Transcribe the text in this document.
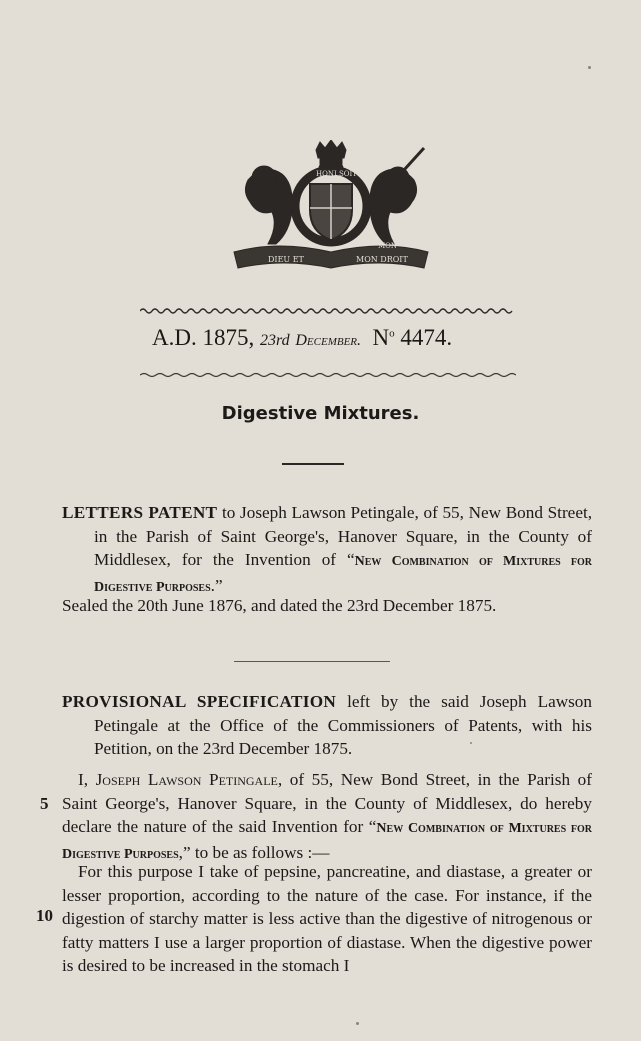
DIEU ET	MON DROIT
HONI SOIT
MON
A.D. 1875, 23rd December. $N^o$ 4474.
Digestive Mixtures.
LETTERS PATENT to Joseph Lawson Petingale, of 55, New Bond Street, in the Parish of Saint George's, Hanover Square, in the County of Middlesex, for the Invention of “New Combination of Mixtures for Digestive Purposes.”
Sealed the 20th June 1876, and dated the 23rd December 1875.
PROVISIONAL SPECIFICATION left by the said Joseph Lawson Petingale at the Office of the Commissioners of Patents, with his Petition, on the 23rd December 1875.
5
I, Joseph Lawson Petingale, of 55, New Bond Street, in the Parish of Saint George's, Hanover Square, in the County of Middlesex, do hereby declare the nature of the said Invention for “New Combination of Mixtures for Digestive Purposes,” to be as follows :—
10
For this purpose I take of pepsine, pancreatine, and diastase, a greater or lesser proportion, according to the nature of the case. For instance, if the digestion of starchy matter is less active than the digestive of nitrogenous or fatty matters I use a larger proportion of diastase. When the digestive power is desired to be increased in the stomach I
